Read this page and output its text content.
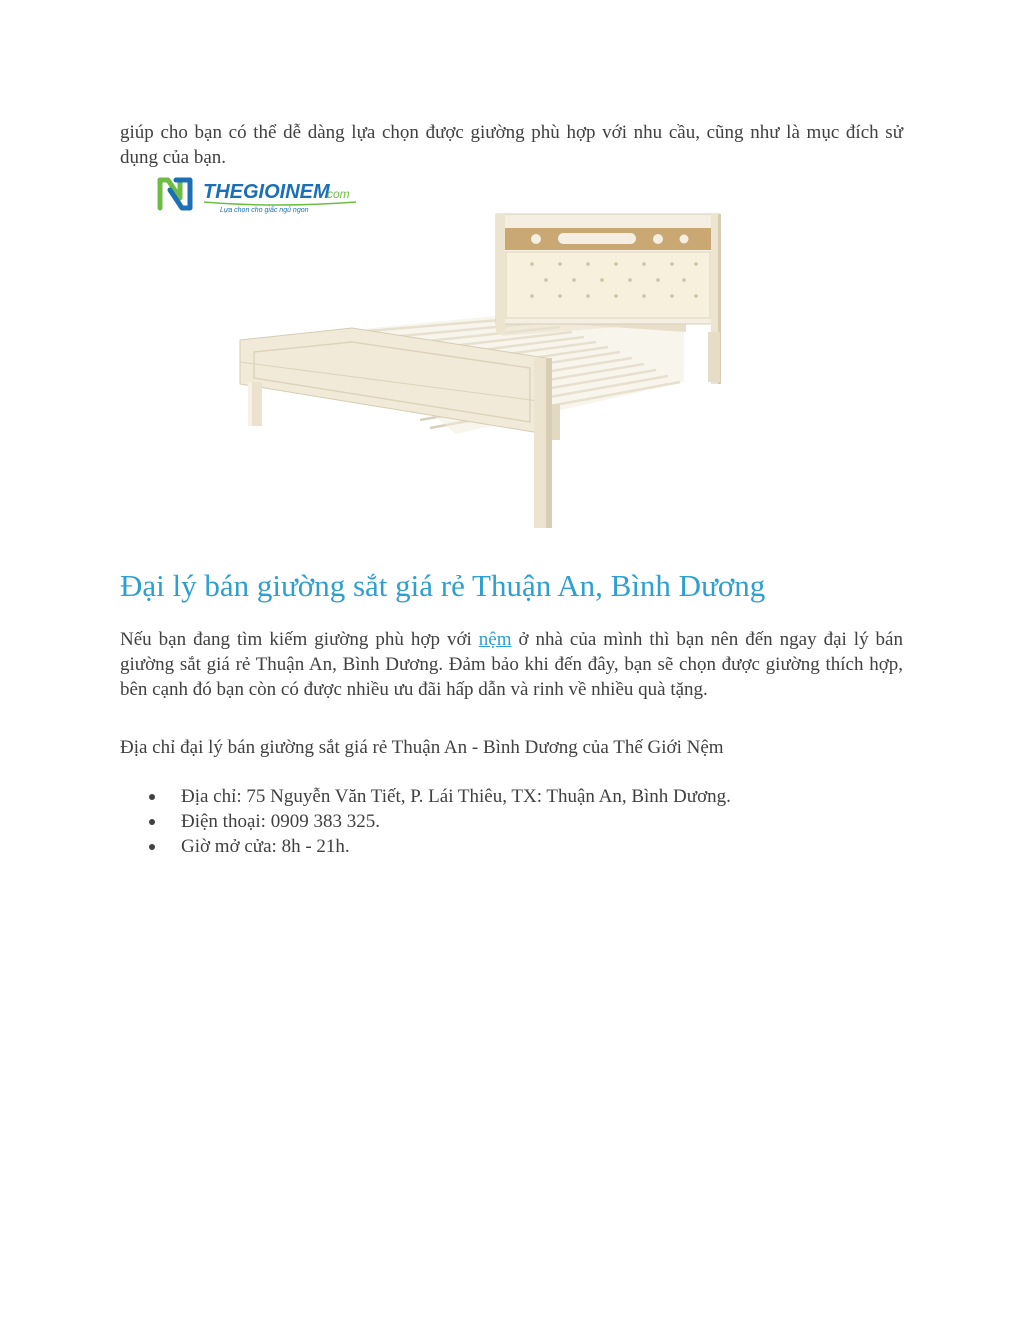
giúp cho bạn có thể dễ dàng lựa chọn được giường phù hợp với nhu cầu, cũng như là mục đích sử dụng của bạn.

THEGIOINEM
com
Lựa chọn cho giấc ngủ ngon
Đại lý bán giường sắt giá rẻ Thuận An, Bình Dương

Nếu bạn đang tìm kiếm giường phù hợp với nệm ở nhà của mình thì bạn nên đến ngay đại lý bán giường sắt giá rẻ Thuận An, Bình Dương. Đảm bảo khi đến đây, bạn sẽ chọn được giường thích hợp, bên cạnh đó bạn còn có được nhiều ưu đãi hấp dẫn và rinh về nhiều quà tặng.

Địa chỉ đại lý bán giường sắt giá rẻ Thuận An - Bình Dương của Thế Giới Nệm

Địa chỉ: 75 Nguyễn Văn Tiết, P. Lái Thiêu, TX: Thuận An, Bình Dương.
Điện thoại: 0909 383 325.
Giờ mở cửa: 8h - 21h.
